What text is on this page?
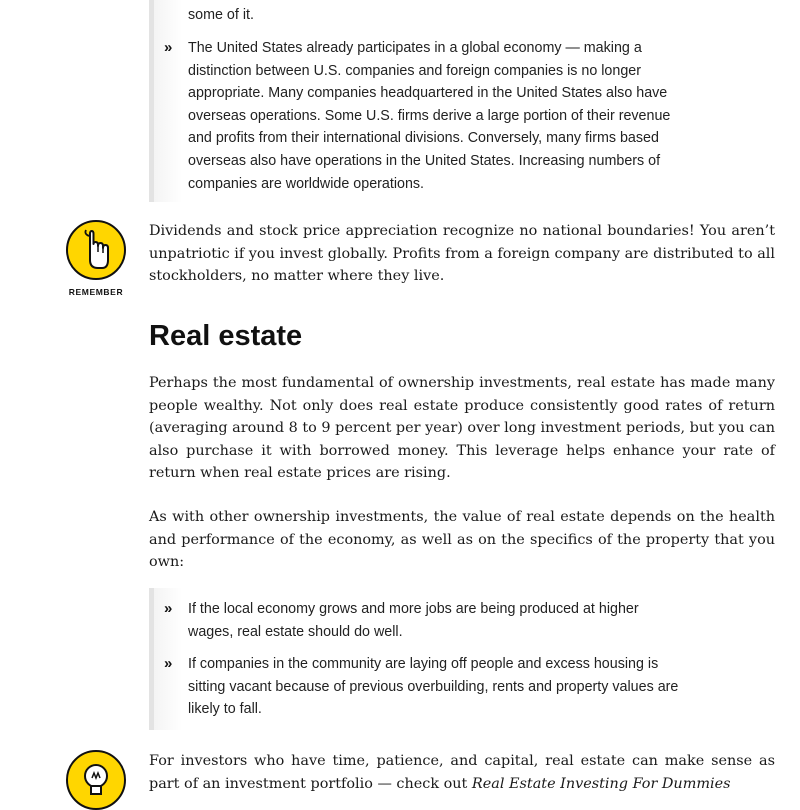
some of it.
» The United States already participates in a global economy — making a
distinction between U.S. companies and foreign companies is no longer
appropriate. Many companies headquartered in the United States also have
overseas operations. Some U.S. firms derive a large portion of their revenue
and profits from their international divisions. Conversely, many firms based
overseas also have operations in the United States. Increasing numbers of
companies are worldwide operations.
REMEMBER
Dividends and stock price appreciation recognize no national boundaries! You aren’t unpatriotic if you invest globally. Profits from a foreign company are distributed to all stockholders, no matter where they live.
Real estate
Perhaps the most fundamental of ownership investments, real estate has made many people wealthy. Not only does real estate produce consistently good rates of return (averaging around 8 to 9 percent per year) over long investment periods, but you can also purchase it with borrowed money. This leverage helps enhance your rate of return when real estate prices are rising.
As with other ownership investments, the value of real estate depends on the health and performance of the economy, as well as on the specifics of the property that you own:
» If the local economy grows and more jobs are being produced at higher
wages, real estate should do well.
» If companies in the community are laying off people and excess housing is
sitting vacant because of previous overbuilding, rents and property values are
likely to fall.
For investors who have time, patience, and capital, real estate can make sense as part of an investment portfolio — check out Real Estate Investing For Dummies
